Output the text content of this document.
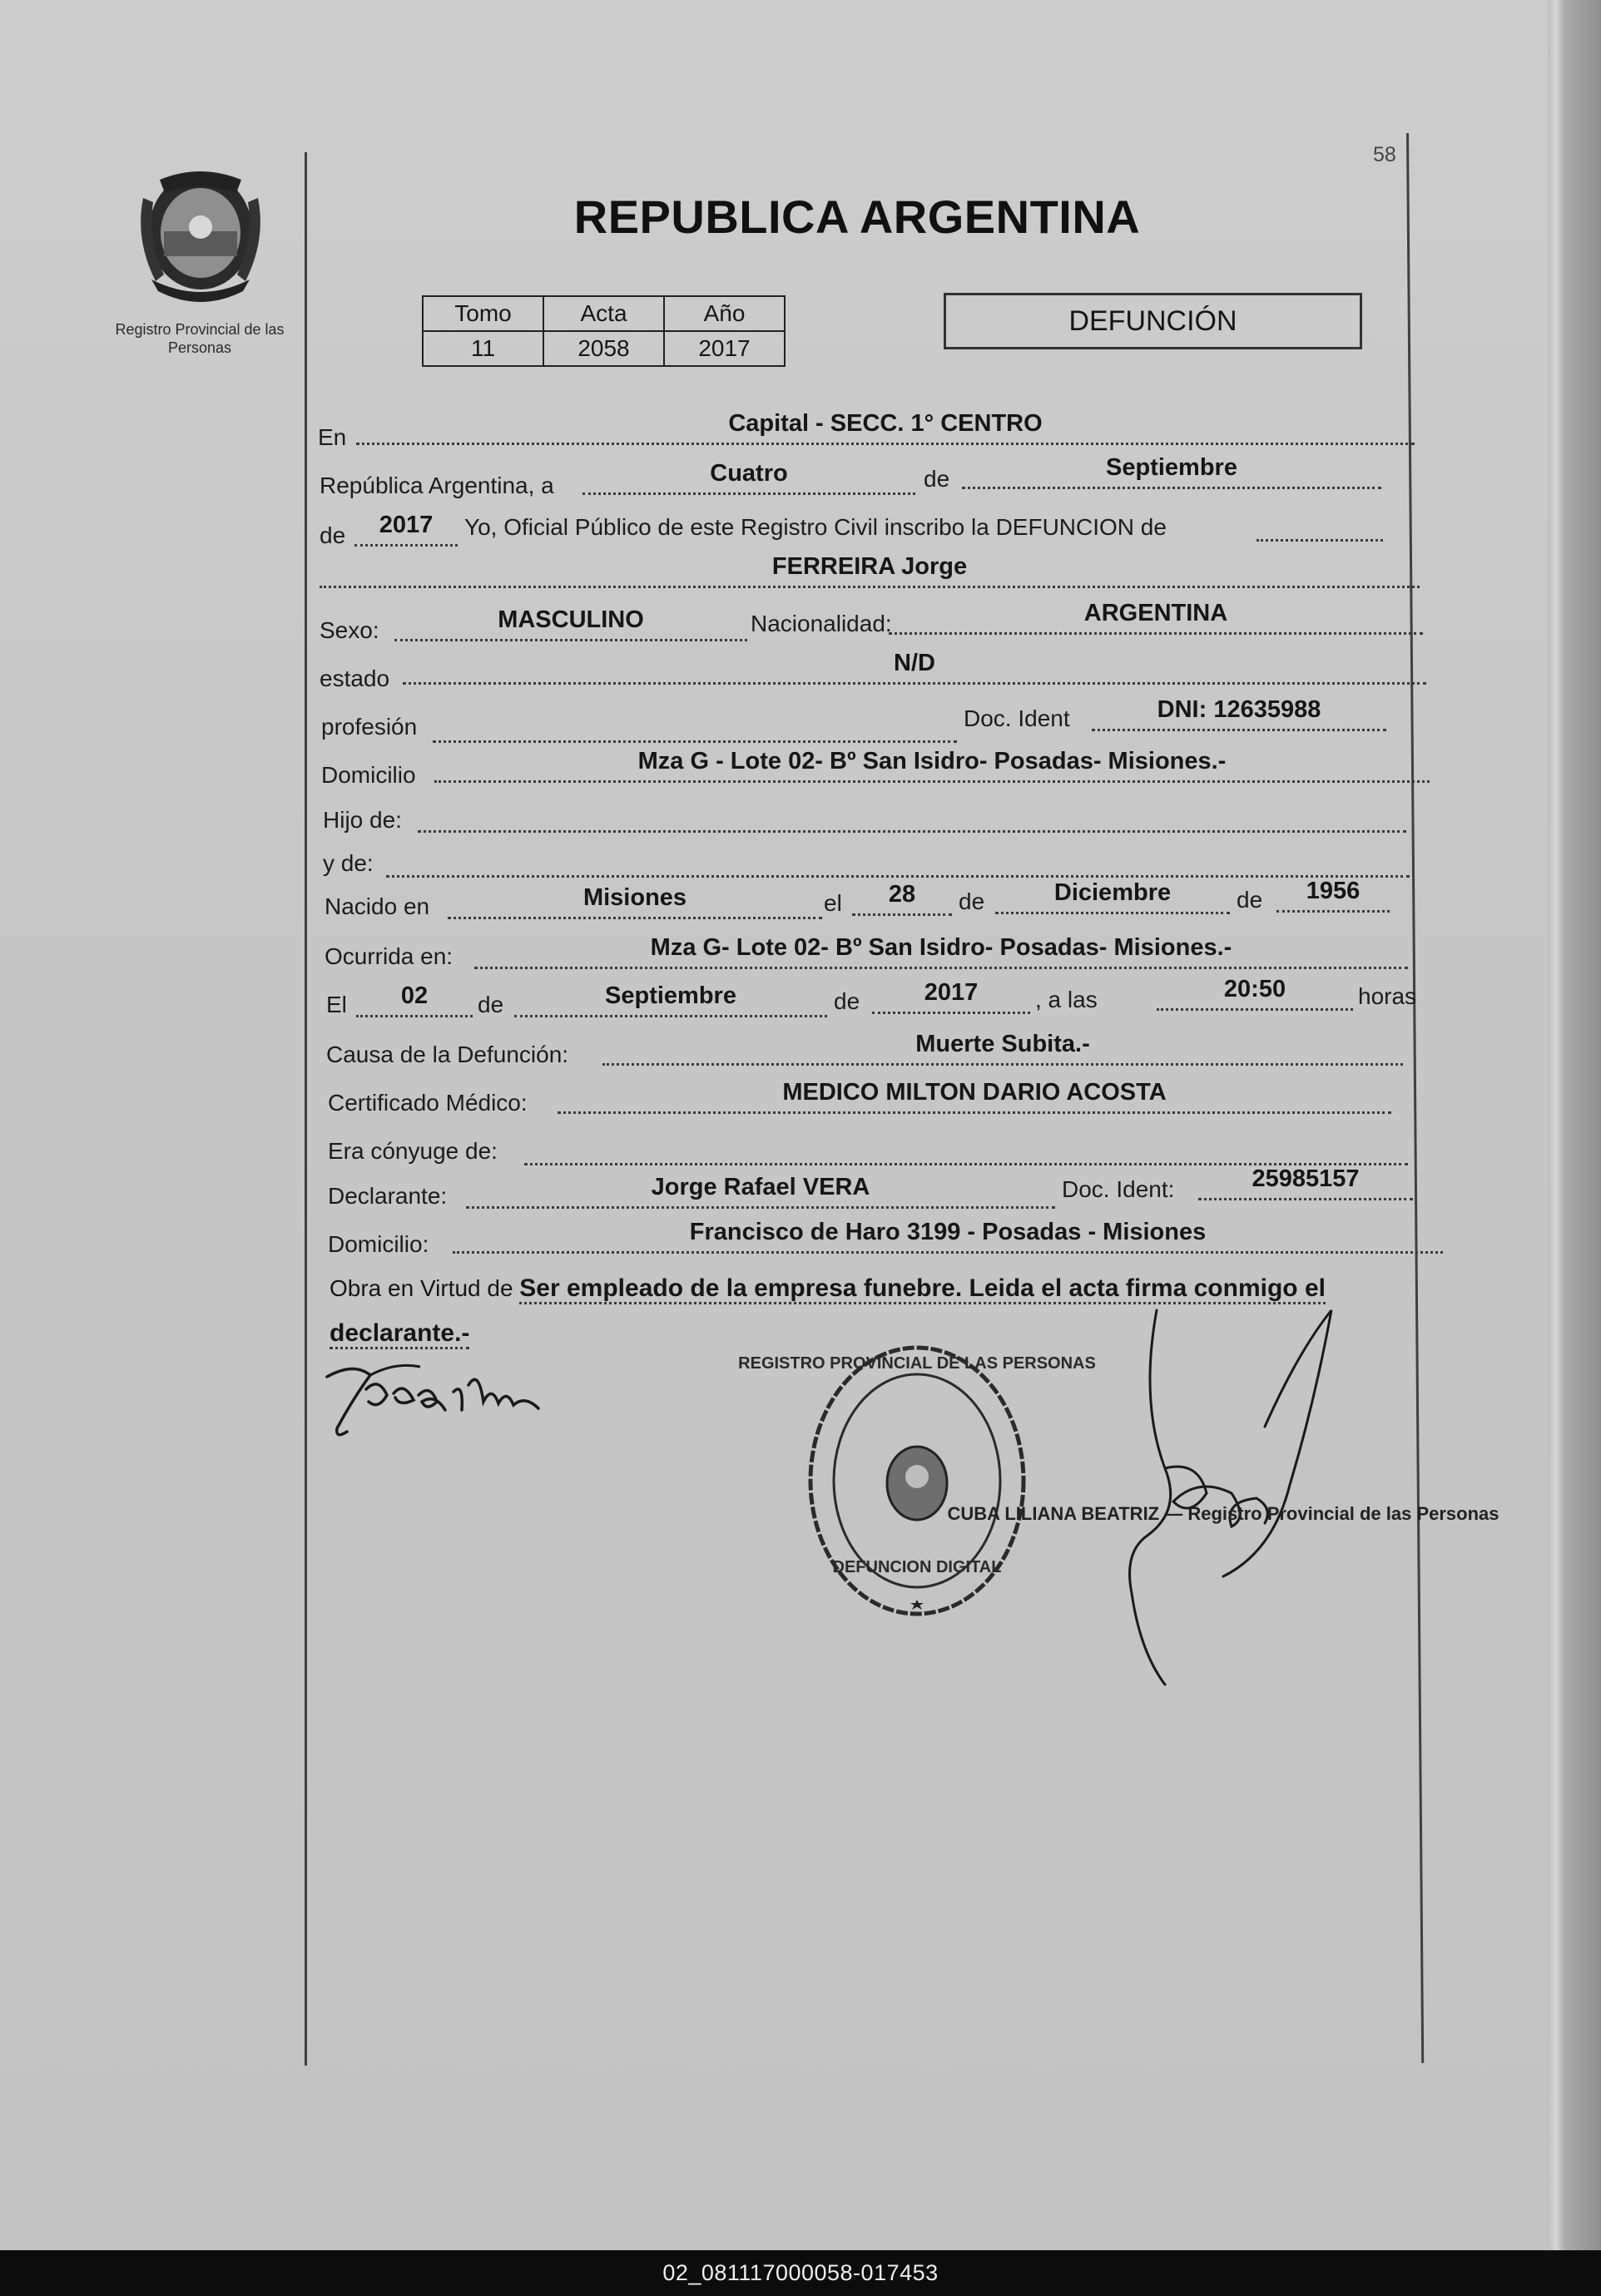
58
Registro Provincial de las Personas
REPUBLICA ARGENTINA
Tomo	Acta	Año
11	2058	2017
DEFUNCIÓN
En
Capital - SECC. 1° CENTRO
República Argentina, a	Cuatro	de	Septiembre
de	2017	Yo, Oficial Público de este Registro Civil inscribo la DEFUNCION de
FERREIRA Jorge
Sexo:	MASCULINO	Nacionalidad:	ARGENTINA
estado
N/D
profesión	Doc. Ident	DNI: 12635988
Domicilio
Mza G - Lote 02- Bº San Isidro- Posadas- Misiones.-
Hijo de:
y de:
Nacido en	Misiones	el	28	de	Diciembre	de	1956
Ocurrida en:	Mza G- Lote 02- Bº San Isidro- Posadas- Misiones.-
El	02	de	Septiembre	de	2017	, a las	20:50	horas
Causa de la Defunción:	Muerte Subita.-
Certificado Médico:	MEDICO MILTON DARIO ACOSTA
Era cónyuge de:
Declarante:	Jorge Rafael VERA	Doc. Ident:	25985157
Domicilio:	Francisco de Haro 3199 - Posadas - Misiones
Obra en Virtud de Ser empleado de la empresa funebre. Leida el acta firma conmigo el declarante.-
REGISTRO PROVINCIAL DE LAS PERSONAS
DEFUNCION DIGITAL
CUBA LILIANA BEATRIZ — Registro Provincial de las Personas
02_081117000058-017453
